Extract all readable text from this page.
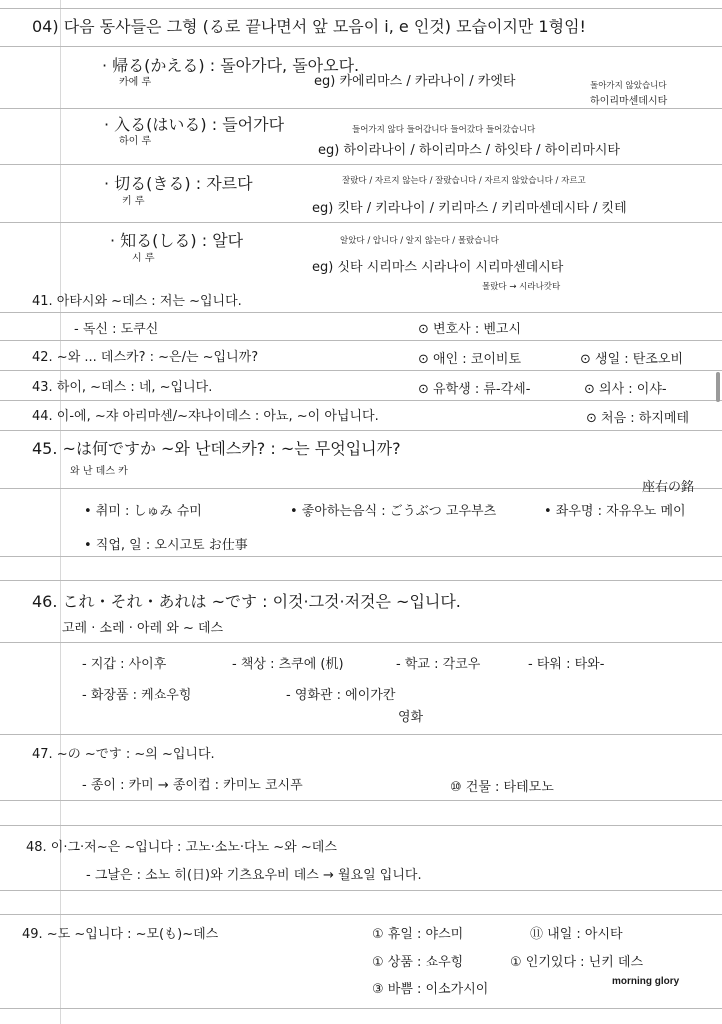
04) 다음 동사들은 그형 (る로 끝나면서 앞 모음이 i, e 인것) 모습이지만 1형임!
· 帰る(かえる) : 돌아가다, 돌아오다.
카에 루	eg) 카에리마스 / 카라나이 / 카엣타	돌아가지 않았습니다
하이리마센데시타
· 入る(はいる) : 들어가다
하이 루
들어가지 않다 들어갑니다 들어갔다 들어갔습니다
eg) 하이라나이 / 하이리마스 / 하잇타 / 하이리마시타
· 切る(きる) : 자르다
키 루
잘랐다 / 자르지 않는다 / 잘랐습니다 / 자르지 않았습니다 / 자르고
eg) 킷타 / 키라나이 / 키리마스 / 키리마센데시타 / 킷테
· 知る(しる) : 알다
시 루
알았다 / 압니다 / 알지 않는다 / 몰랐습니다
eg) 싯타 시리마스 시라나이 시리마센데시타
몰랐다 → 시라나캇타
41. 아타시와 ~데스 : 저는 ~입니다.
- 독신 : 도쿠신	⊙ 변호사 : 벤고시
42. ~와 ... 데스카? : ~은/는 ~입니까?	⊙ 애인 : 코이비토	⊙ 생일 : 탄조오비
43. 하이, ~데스 : 네, ~입니다.	⊙ 유학생 : 류-각세-	⊙ 의사 : 이샤-
44. 이-에, ~쟈 아리마센/~쟈나이데스 : 아뇨, ~이 아닙니다.	⊙ 처음 : 하지메테
45. ~は何ですか ~와 난데스카? : ~는 무엇입니까?
와 난 데스 카
座右の銘
• 취미 : しゅみ 슈미	• 좋아하는음식 : ごうぶつ 고우부츠	• 좌우명 : 자유우노 메이
• 직업, 일 : 오시고토 お仕事
46. これ・それ・あれは ~です : 이것·그것·저것은 ~입니다.
고레 · 소레 · 아레 와 ~ 데스
- 지갑 : 사이후	- 책상 : 츠쿠에 (机)	- 학교 : 각코우	- 타워 : 타와-
- 화장품 : 케쇼우힝	- 영화관 : 에이가칸
영화
47. ~の ~です : ~의 ~입니다.
- 종이 : 카미 → 종이컵 : 카미노 코시푸	⑩ 건물 : 타테모노
48. 이·그·저~은 ~입니다 : 고노·소노·다노 ~와 ~데스
- 그날은 : 소노 히(日)와 기츠요우비 데스 → 월요일 입니다.
49. ~도 ~입니다 : ~모(も)~데스	① 휴일 : 야스미	⑪ 내일 : 아시타
① 상품 : 쇼우힝	① 인기있다 : 닌키 데스
③ 바쁨 : 이소가시이
morning glory
